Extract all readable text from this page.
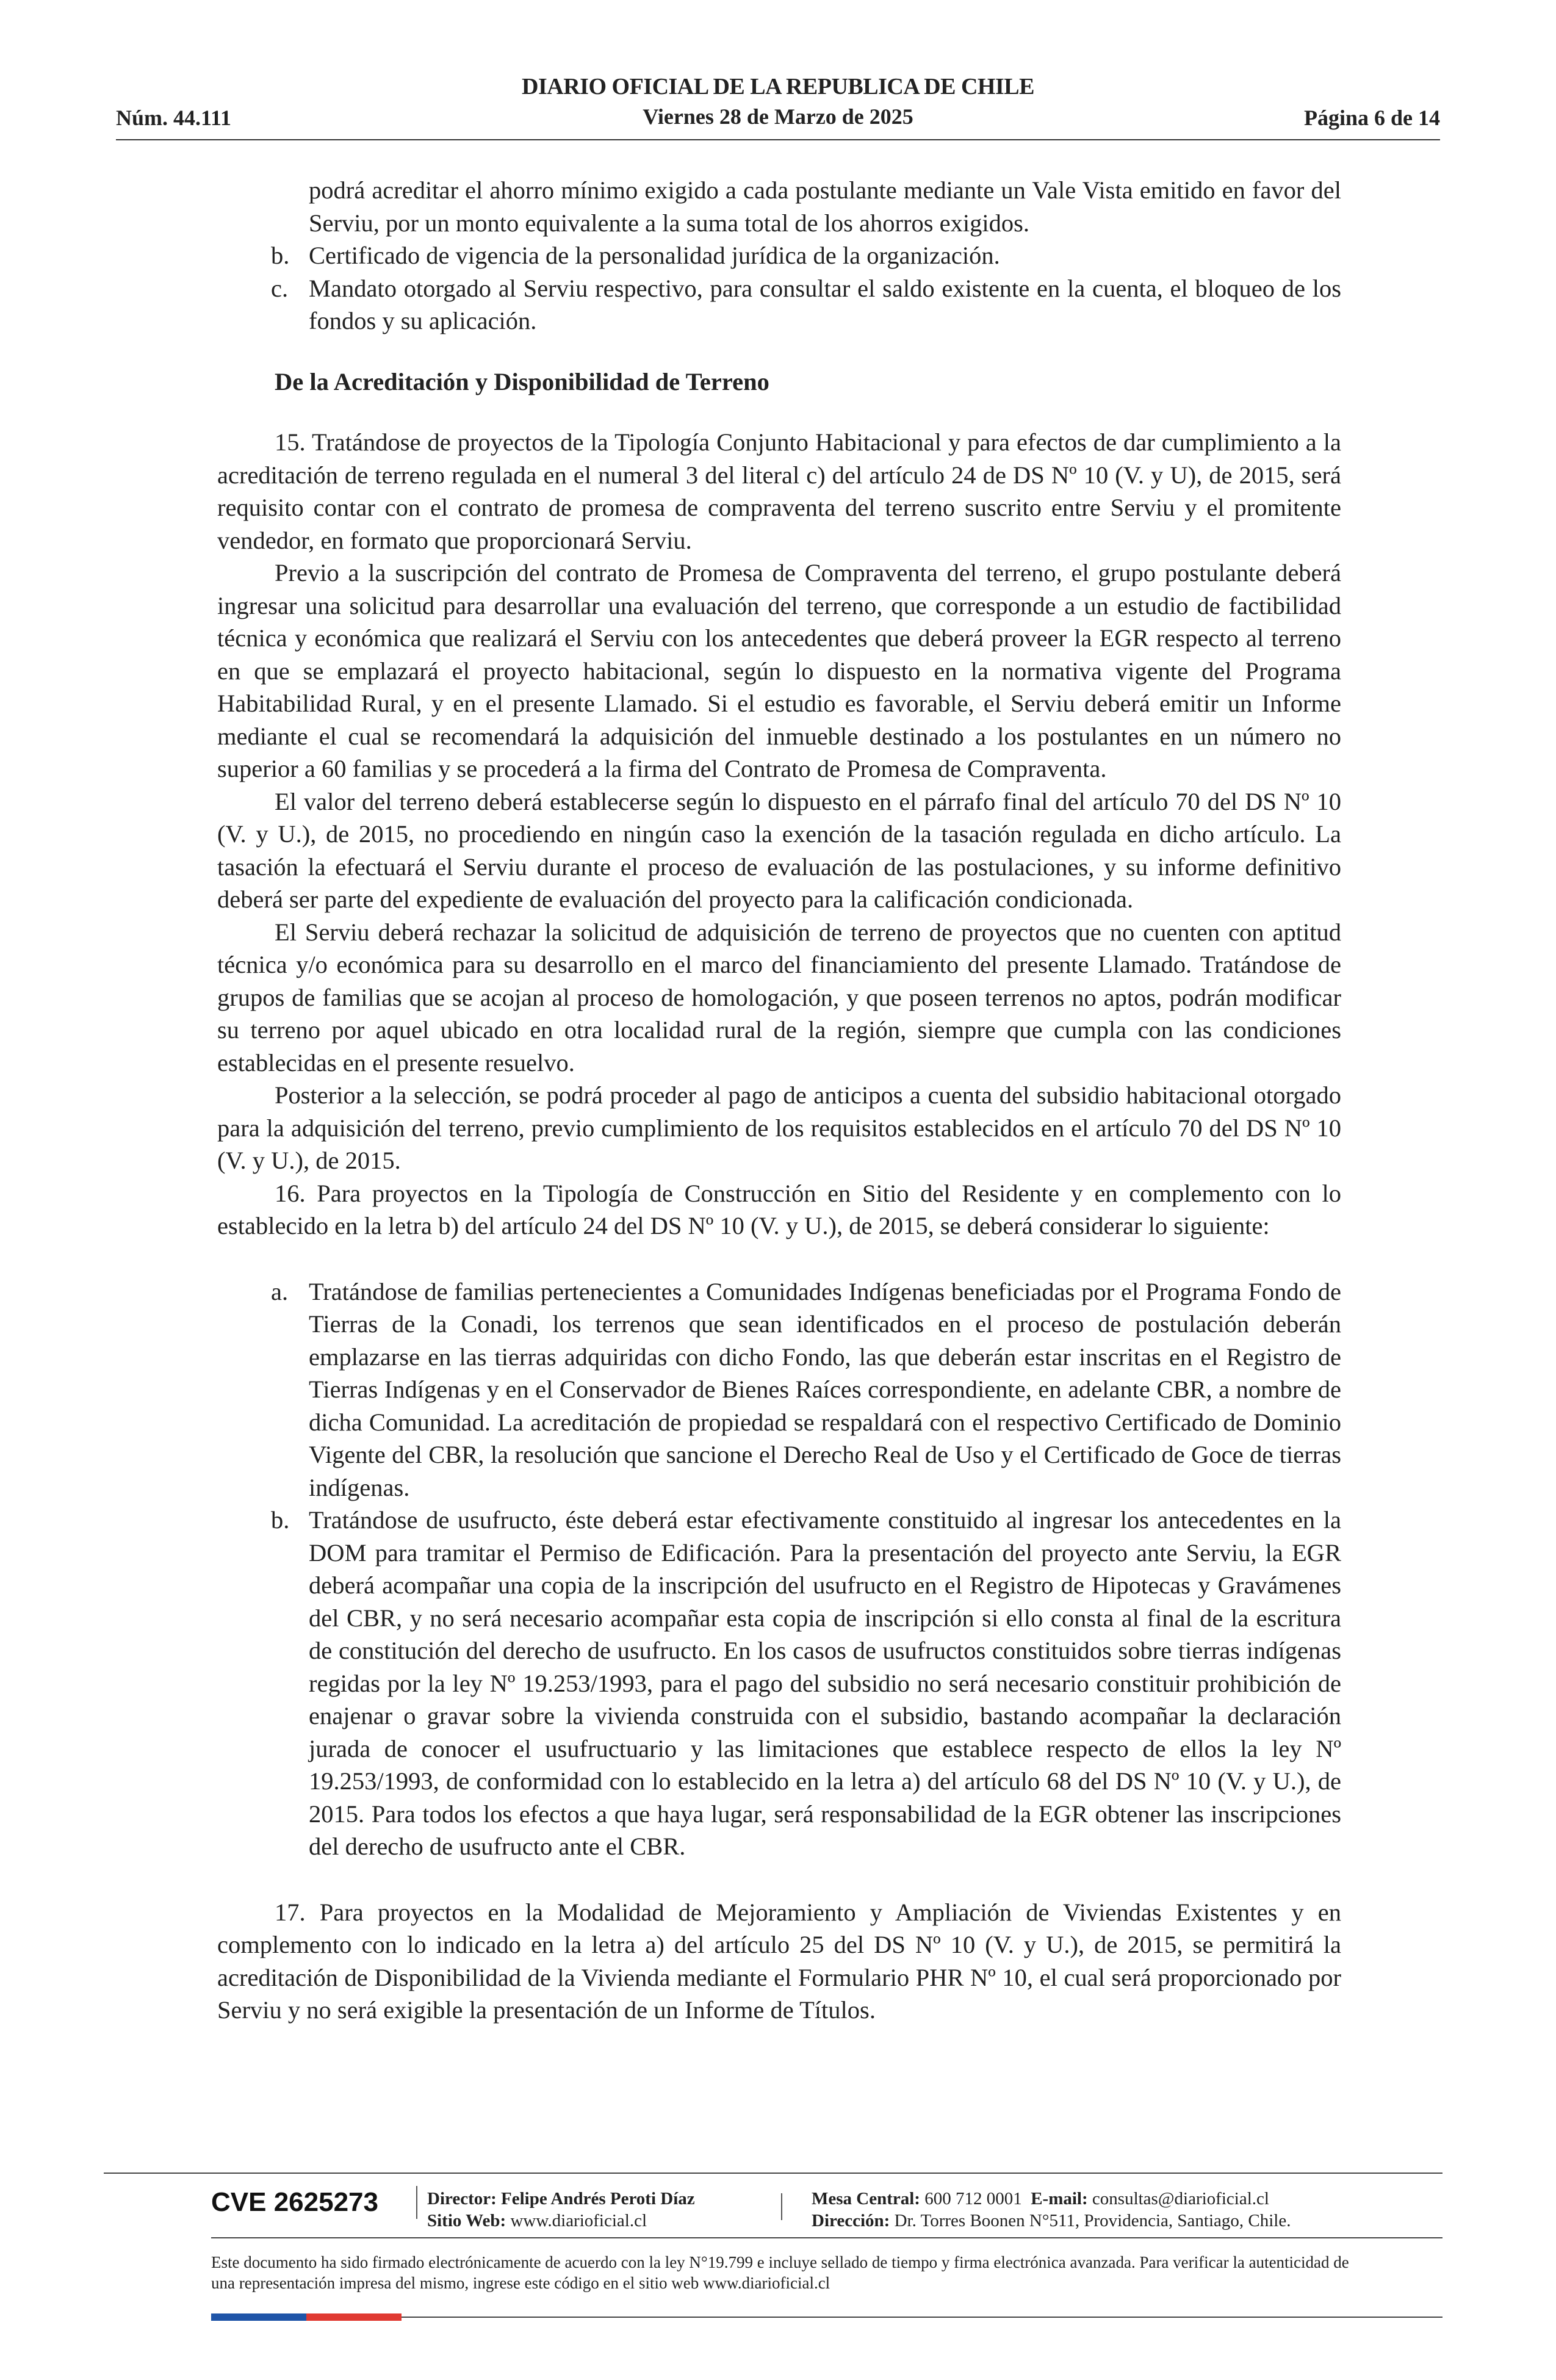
DIARIO OFICIAL DE LA REPUBLICA DE CHILE
Viernes 28 de Marzo de 2025
Núm. 44.111	Página 6 de 14

podrá acreditar el ahorro mínimo exigido a cada postulante mediante un Vale Vista emitido en favor del Serviu, por un monto equivalente a la suma total de los ahorros exigidos.

b. Certificado de vigencia de la personalidad jurídica de la organización.
c. Mandato otorgado al Serviu respectivo, para consultar el saldo existente en la cuenta, el bloqueo de los fondos y su aplicación.
De la Acreditación y Disponibilidad de Terreno

15. Tratándose de proyectos de la Tipología Conjunto Habitacional y para efectos de dar cumplimiento a la acreditación de terreno regulada en el numeral 3 del literal c) del artículo 24 de DS Nº 10 (V. y U), de 2015, será requisito contar con el contrato de promesa de compraventa del terreno suscrito entre Serviu y el promitente vendedor, en formato que proporcionará Serviu.

Previo a la suscripción del contrato de Promesa de Compraventa del terreno, el grupo postulante deberá ingresar una solicitud para desarrollar una evaluación del terreno, que corresponde a un estudio de factibilidad técnica y económica que realizará el Serviu con los antecedentes que deberá proveer la EGR respecto al terreno en que se emplazará el proyecto habitacional, según lo dispuesto en la normativa vigente del Programa Habitabilidad Rural, y en el presente Llamado. Si el estudio es favorable, el Serviu deberá emitir un Informe mediante el cual se recomendará la adquisición del inmueble destinado a los postulantes en un número no superior a 60 familias y se procederá a la firma del Contrato de Promesa de Compraventa.

El valor del terreno deberá establecerse según lo dispuesto en el párrafo final del artículo 70 del DS Nº 10 (V. y U.), de 2015, no procediendo en ningún caso la exención de la tasación regulada en dicho artículo. La tasación la efectuará el Serviu durante el proceso de evaluación de las postulaciones, y su informe definitivo deberá ser parte del expediente de evaluación del proyecto para la calificación condicionada.

El Serviu deberá rechazar la solicitud de adquisición de terreno de proyectos que no cuenten con aptitud técnica y/o económica para su desarrollo en el marco del financiamiento del presente Llamado. Tratándose de grupos de familias que se acojan al proceso de homologación, y que poseen terrenos no aptos, podrán modificar su terreno por aquel ubicado en otra localidad rural de la región, siempre que cumpla con las condiciones establecidas en el presente resuelvo.

Posterior a la selección, se podrá proceder al pago de anticipos a cuenta del subsidio habitacional otorgado para la adquisición del terreno, previo cumplimiento de los requisitos establecidos en el artículo 70 del DS Nº 10 (V. y U.), de 2015.

16. Para proyectos en la Tipología de Construcción en Sitio del Residente y en complemento con lo establecido en la letra b) del artículo 24 del DS Nº 10 (V. y U.), de 2015, se deberá considerar lo siguiente:

a. Tratándose de familias pertenecientes a Comunidades Indígenas beneficiadas por el Programa Fondo de Tierras de la Conadi, los terrenos que sean identificados en el proceso de postulación deberán emplazarse en las tierras adquiridas con dicho Fondo, las que deberán estar inscritas en el Registro de Tierras Indígenas y en el Conservador de Bienes Raíces correspondiente, en adelante CBR, a nombre de dicha Comunidad. La acreditación de propiedad se respaldará con el respectivo Certificado de Dominio Vigente del CBR, la resolución que sancione el Derecho Real de Uso y el Certificado de Goce de tierras indígenas.
b. Tratándose de usufructo, éste deberá estar efectivamente constituido al ingresar los antecedentes en la DOM para tramitar el Permiso de Edificación. Para la presentación del proyecto ante Serviu, la EGR deberá acompañar una copia de la inscripción del usufructo en el Registro de Hipotecas y Gravámenes del CBR, y no será necesario acompañar esta copia de inscripción si ello consta al final de la escritura de constitución del derecho de usufructo. En los casos de usufructos constituidos sobre tierras indígenas regidas por la ley Nº 19.253/1993, para el pago del subsidio no será necesario constituir prohibición de enajenar o gravar sobre la vivienda construida con el subsidio, bastando acompañar la declaración jurada de conocer el usufructuario y las limitaciones que establece respecto de ellos la ley Nº 19.253/1993, de conformidad con lo establecido en la letra a) del artículo 68 del DS Nº 10 (V. y U.), de 2015. Para todos los efectos a que haya lugar, será responsabilidad de la EGR obtener las inscripciones del derecho de usufructo ante el CBR.

17. Para proyectos en la Modalidad de Mejoramiento y Ampliación de Viviendas Existentes y en complemento con lo indicado en la letra a) del artículo 25 del DS Nº 10 (V. y U.), de 2015, se permitirá la acreditación de Disponibilidad de la Vivienda mediante el Formulario PHR Nº 10, el cual será proporcionado por Serviu y no será exigible la presentación de un Informe de Títulos.

CVE 2625273	Director: Felipe Andrés Peroti Díaz
Sitio Web: www.diarioficial.cl
Mesa Central: 600 712 0001 E-mail: consultas@diarioficial.cl
Dirección: Dr. Torres Boonen N°511, Providencia, Santiago, Chile.
Este documento ha sido firmado electrónicamente de acuerdo con la ley N°19.799 e incluye sellado de tiempo y firma electrónica avanzada. Para verificar la autenticidad de una representación impresa del mismo, ingrese este código en el sitio web www.diarioficial.cl
